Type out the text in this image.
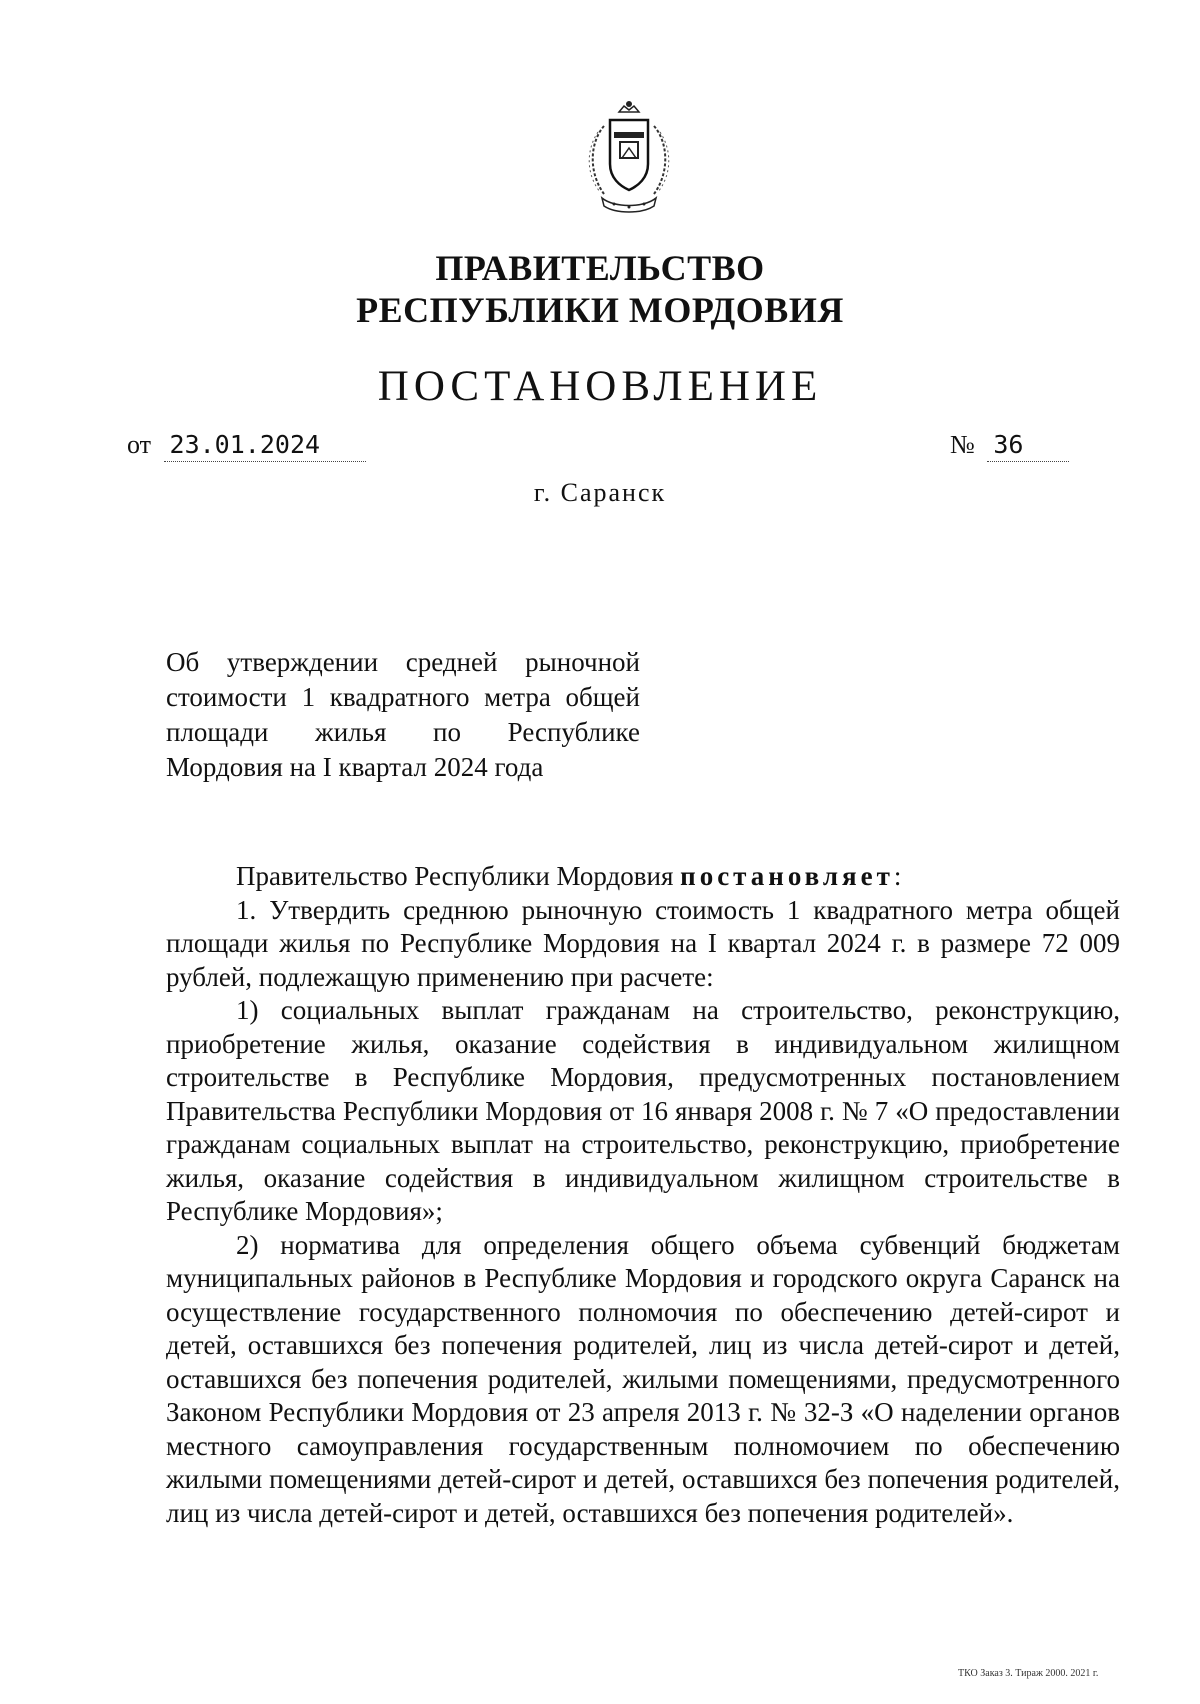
ПРАВИТЕЛЬСТВО
РЕСПУБЛИКИ МОРДОВИЯ
ПОСТАНОВЛЕНИЕ
от 23.01.2024	№ 36
г. Саранск
Об утверждении средней рыночной стоимости 1 квадратного метра общей площади жилья по Республике Мордовия на I квартал 2024 года

Правительство Республики Мордовия постановляет:

1. Утвердить среднюю рыночную стоимость 1 квадратного метра общей площади жилья по Республике Мордовия на I квартал 2024 г. в размере 72 009 рублей, подлежащую применению при расчете:

1) социальных выплат гражданам на строительство, реконструкцию, приобретение жилья, оказание содействия в индивидуальном жилищном строительстве в Республике Мордовия, предусмотренных постановлением Правительства Республики Мордовия от 16 января 2008 г. № 7 «О предоставлении гражданам социальных выплат на строительство, реконструкцию, приобретение жилья, оказание содействия в индивидуальном жилищном строительстве в Республике Мордовия»;

2) норматива для определения общего объема субвенций бюджетам муниципальных районов в Республике Мордовия и городского округа Саранск на осуществление государственного полномочия по обеспечению детей-сирот и детей, оставшихся без попечения родителей, лиц из числа детей-сирот и детей, оставшихся без попечения родителей, жилыми помещениями, предусмотренного Законом Республики Мордовия от 23 апреля 2013 г. № 32-З «О наделении органов местного самоуправления государственным полномочием по обеспечению жилыми помещениями детей-сирот и детей, оставшихся без попечения родителей, лиц из числа детей-сирот и детей, оставшихся без попечения родителей».

ТКО Заказ 3. Тираж 2000. 2021 г.
